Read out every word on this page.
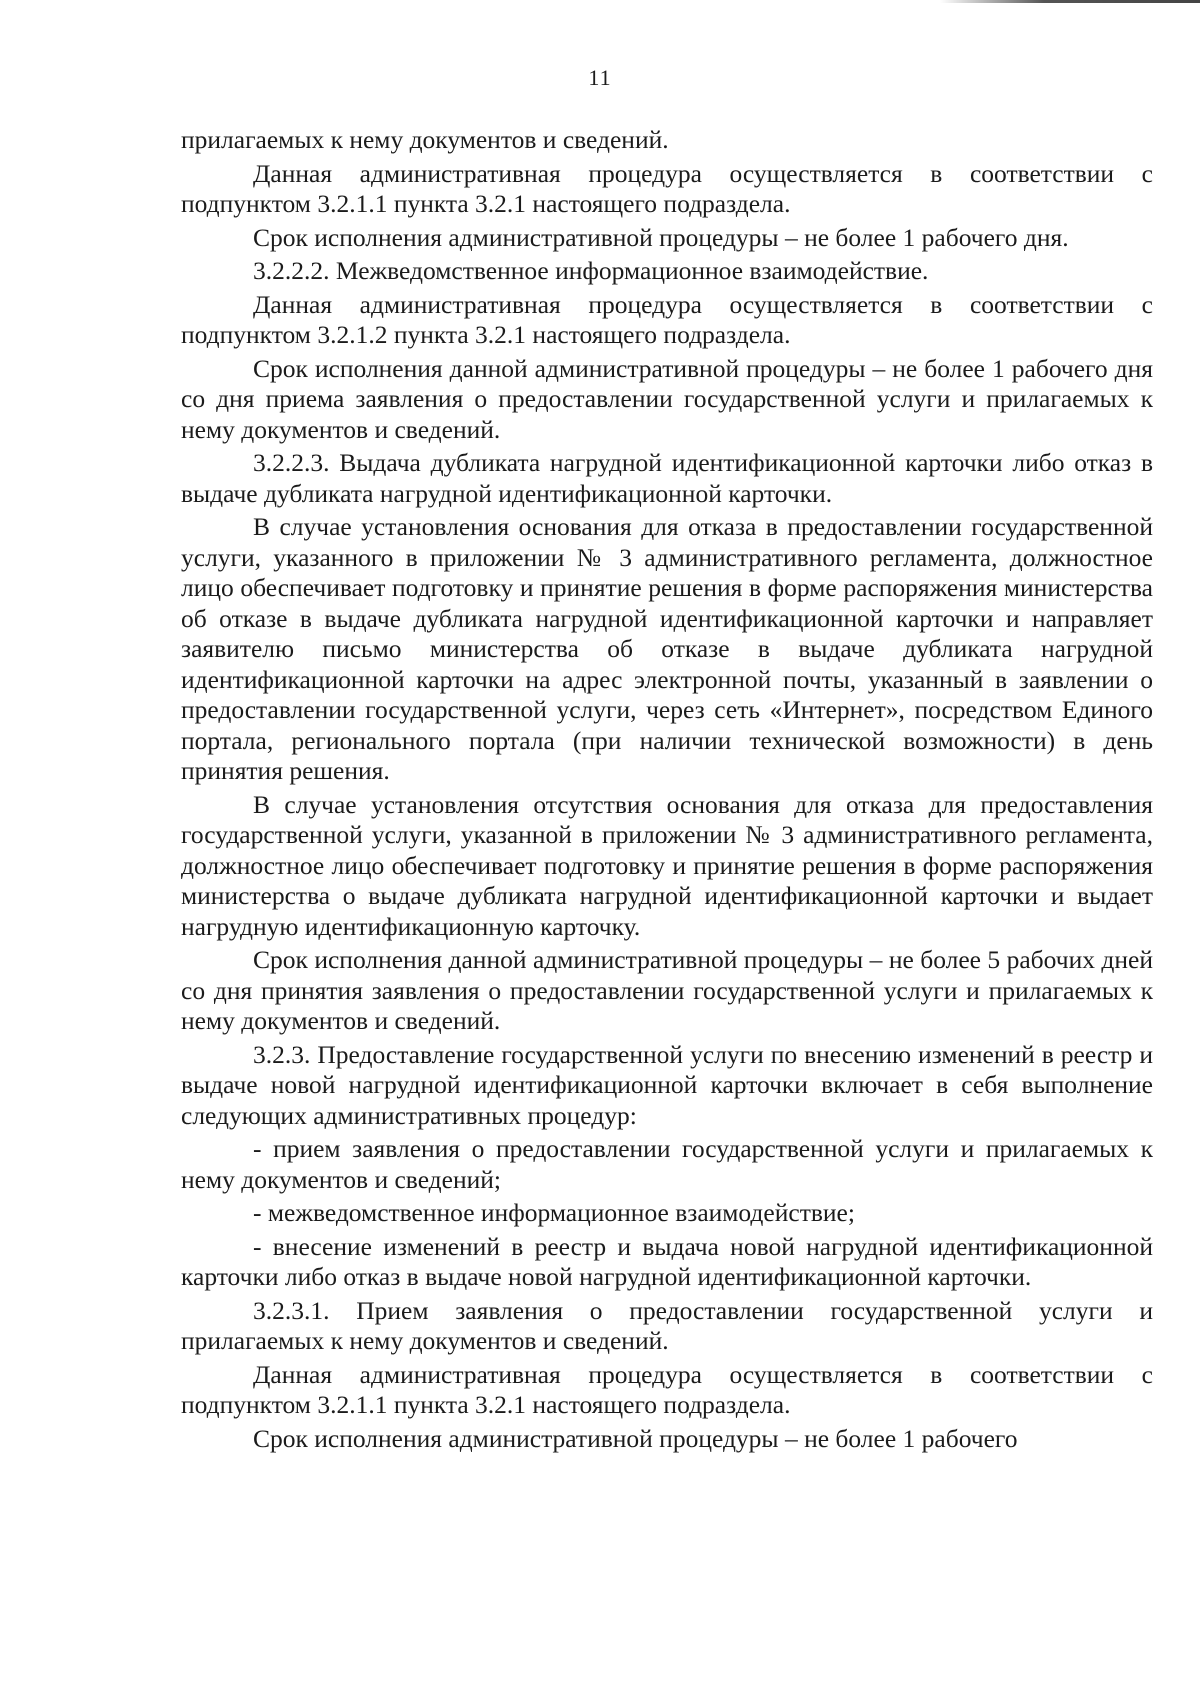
11

прилагаемых к нему документов и сведений.

Данная административная процедура осуществляется в соответствии с подпунктом 3.2.1.1 пункта 3.2.1 настоящего подраздела.

Срок исполнения административной процедуры – не более 1 рабочего дня.

3.2.2.2. Межведомственное информационное взаимодействие.

Данная административная процедура осуществляется в соответствии с подпунктом 3.2.1.2 пункта 3.2.1 настоящего подраздела.

Срок исполнения данной административной процедуры – не более 1 рабочего дня со дня приема заявления о предоставлении государственной услуги и прилагаемых к нему документов и сведений.

3.2.2.3. Выдача дубликата нагрудной идентификационной карточки либо отказ в выдаче дубликата нагрудной идентификационной карточки.

В случае установления основания для отказа в предоставлении государственной услуги, указанного в приложении № 3 административного регламента, должностное лицо обеспечивает подготовку и принятие решения в форме распоряжения министерства об отказе в выдаче дубликата нагрудной идентификационной карточки и направляет заявителю письмо министерства об отказе в выдаче дубликата нагрудной идентификационной карточки на адрес электронной почты, указанный в заявлении о предоставлении государственной услуги, через сеть «Интернет», посредством Единого портала, регионального портала (при наличии технической возможности) в день принятия решения.

В случае установления отсутствия основания для отказа для предоставления государственной услуги, указанной в приложении № 3 административного регламента, должностное лицо обеспечивает подготовку и принятие решения в форме распоряжения министерства о выдаче дубликата нагрудной идентификационной карточки и выдает нагрудную идентификационную карточку.

Срок исполнения данной административной процедуры – не более 5 рабочих дней со дня принятия заявления о предоставлении государственной услуги и прилагаемых к нему документов и сведений.

3.2.3. Предоставление государственной услуги по внесению изменений в реестр и выдаче новой нагрудной идентификационной карточки включает в себя выполнение следующих административных процедур:

- прием заявления о предоставлении государственной услуги и прилагаемых к нему документов и сведений;

- межведомственное информационное взаимодействие;

- внесение изменений в реестр и выдача новой нагрудной идентификационной карточки либо отказ в выдаче новой нагрудной идентификационной карточки.

3.2.3.1. Прием заявления о предоставлении государственной услуги и прилагаемых к нему документов и сведений.

Данная административная процедура осуществляется в соответствии с подпунктом 3.2.1.1 пункта 3.2.1 настоящего подраздела.

Срок исполнения административной процедуры – не более 1 рабочего
